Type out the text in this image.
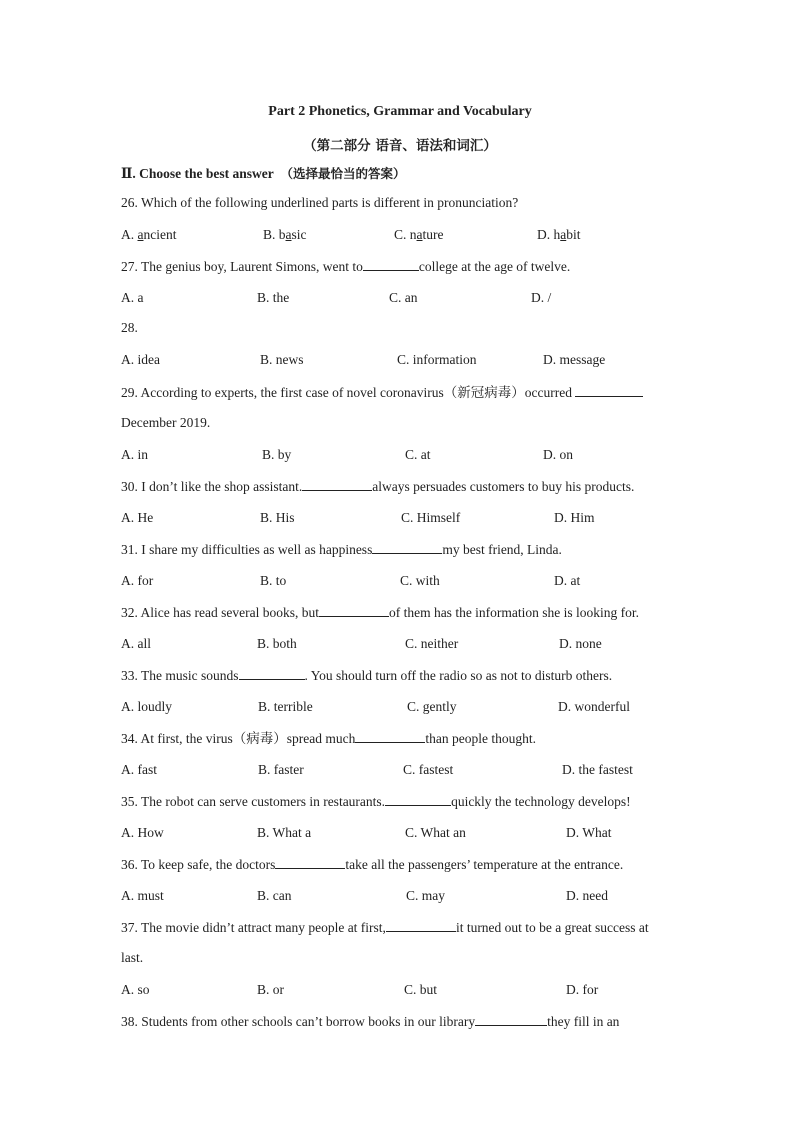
Part 2 Phonetics, Grammar and Vocabulary
（第二部分 语音、语法和词汇）
Ⅱ. Choose the best answer （选择最恰当的答案）
26. Which of the following underlined parts is different in pronunciation?
A. ancient	B. basic	C. nature	D. habit
27. The genius boy, Laurent Simons, went to	college at the age of twelve.
A. a	B. the	C. an	D. /
28.
A. idea	B. news	C. information	D. message
29. According to experts, the first case of novel coronavirus（新冠病毒）occurred
December 2019.
A. in	B. by	C. at	D. on
30. I don’t like the shop assistant.	always persuades customers to buy his products.
A. He	B. His	C. Himself	D. Him
31. I share my difficulties as well as happiness	my best friend, Linda.
A. for	B. to	C. with	D. at
32. Alice has read several books, but	of them has the information she is looking for.
A. all	B. both	C. neither	D. none
33. The music sounds	. You should turn off the radio so as not to disturb others.
A. loudly	B. terrible	C. gently	D. wonderful
34. At first, the virus（病毒）spread much	than people thought.
A. fast	B. faster	C. fastest	D. the fastest
35. The robot can serve customers in restaurants.	quickly the technology develops!
A. How	B. What a	C. What an	D. What
36. To keep safe, the doctors	take all the passengers’ temperature at the entrance.
A. must	B. can	C. may	D. need
37. The movie didn’t attract many people at first,	it turned out to be a great success at
last.
A. so	B. or	C. but	D. for
38. Students from other schools can’t borrow books in our library	they fill in an
